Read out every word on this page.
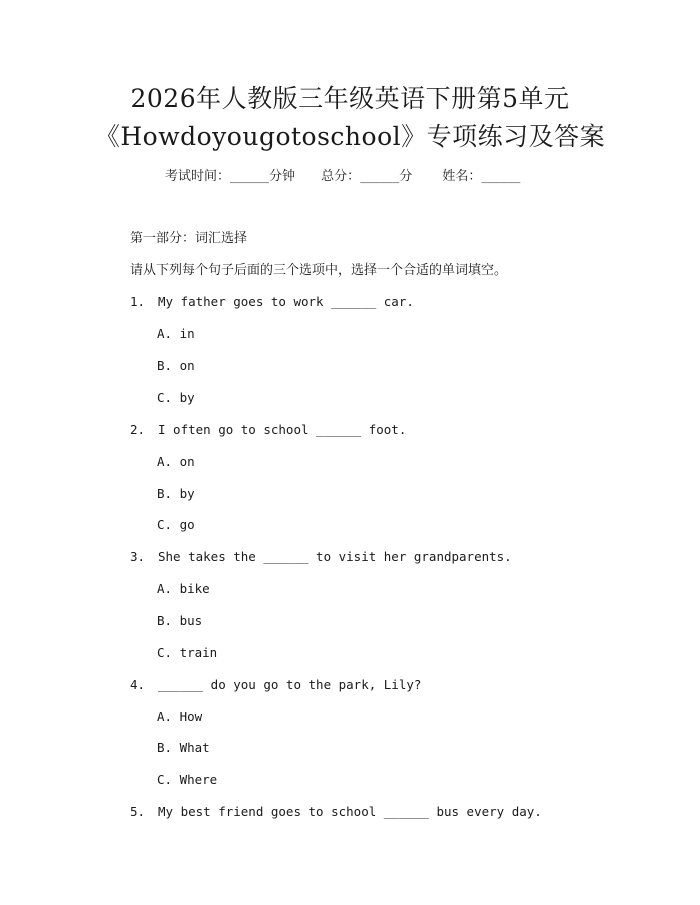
2026年人教版三年级英语下册第5单元
《Howdoyougotoschool》专项练习及答案
考试时间：______分钟 总分：______分 姓名：______
第一部分：词汇选择
请从下列每个句子后面的三个选项中，选择一个合适的单词填空。
1. My father goes to work ______ car.
A. in
B. on
C. by
2. I often go to school ______ foot.
A. on
B. by
C. go
3. She takes the ______ to visit her grandparents.
A. bike
B. bus
C. train
4. ______ do you go to the park, Lily?
A. How
B. What
C. Where
5. My best friend goes to school ______ bus every day.
